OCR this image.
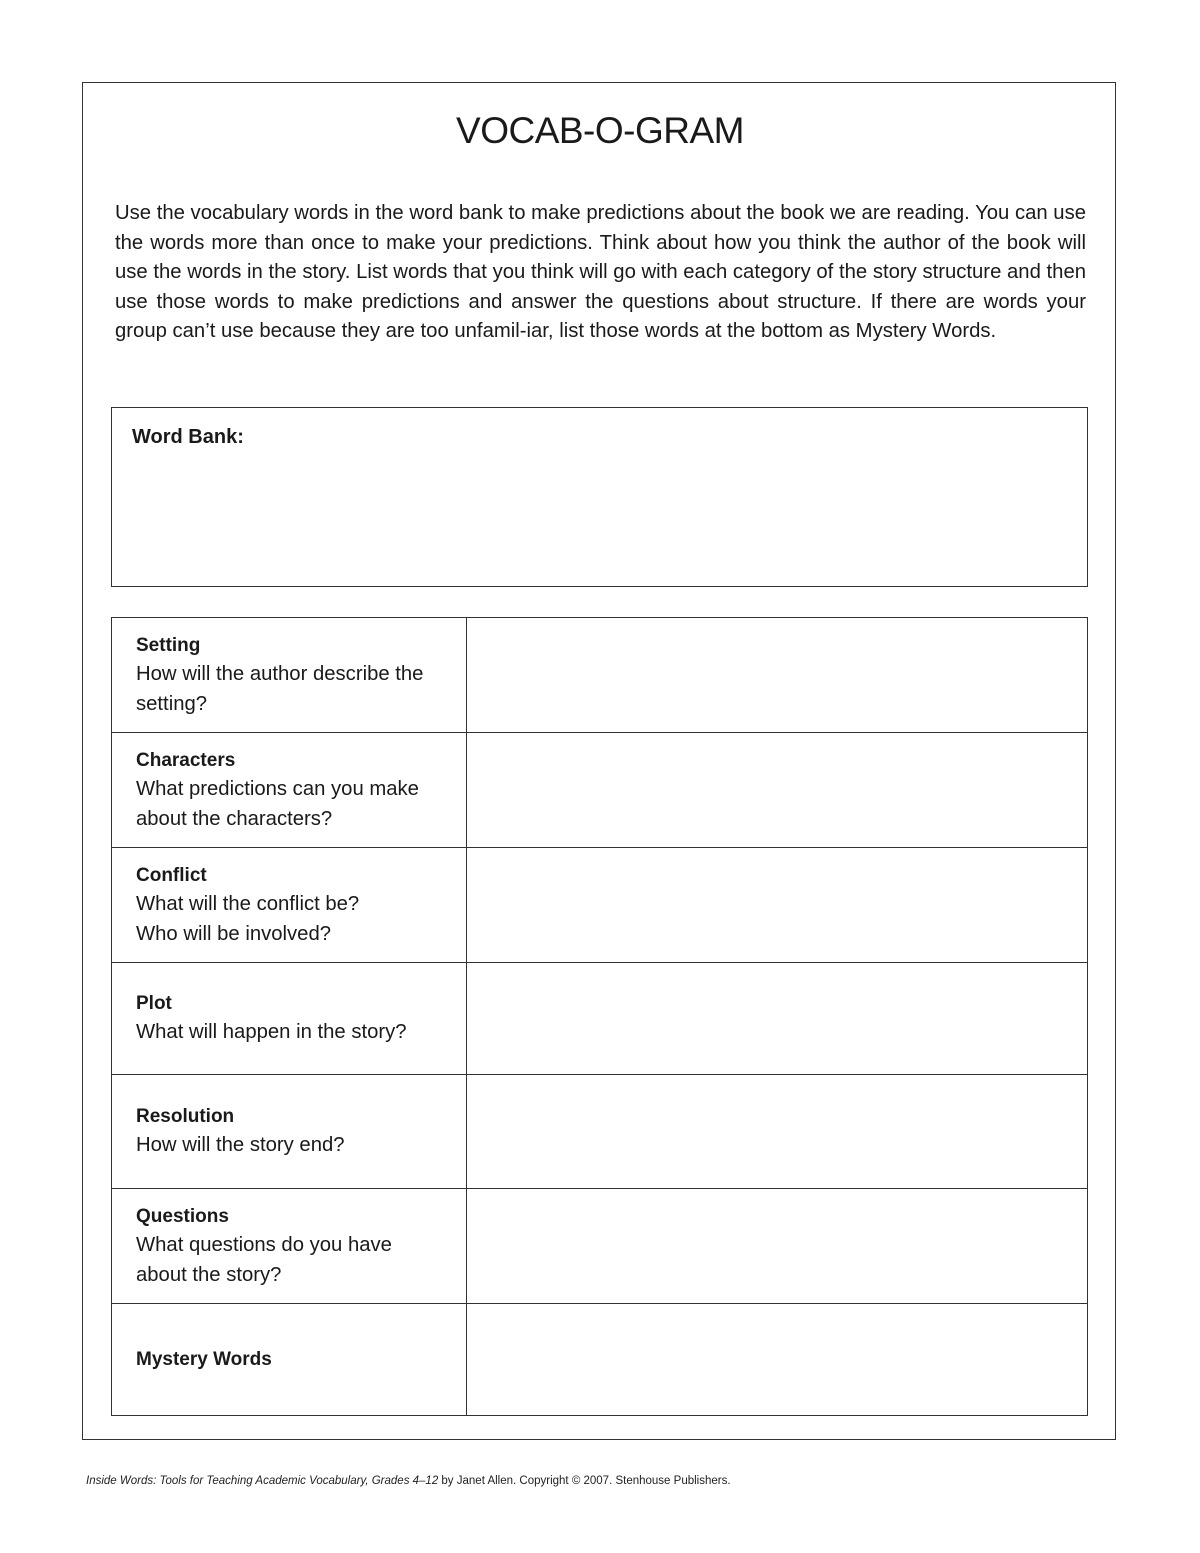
VOCAB-O-GRAM

Use the vocabulary words in the word bank to make predictions about the book we are reading. You can use the words more than once to make your predictions. Think about how you think the author of the book will use the words in the story. List words that you think will go with each category of the story structure and then use those words to make predictions and answer the questions about structure. If there are words your group can’t use because they are too unfamil-iar, list those words at the bottom as Mystery Words.

Word Bank:
Setting
How will the author describe the setting?	

Characters
What predictions can you make about the characters?	

Conflict
What will the conflict be? Who will be involved?	

Plot
What will happen in the story?	

Resolution
How will the story end?	

Questions
What questions do you have about the story?	

Mystery Words	

Inside Words: Tools for Teaching Academic Vocabulary, Grades 4–12 by Janet Allen. Copyright © 2007. Stenhouse Publishers.
